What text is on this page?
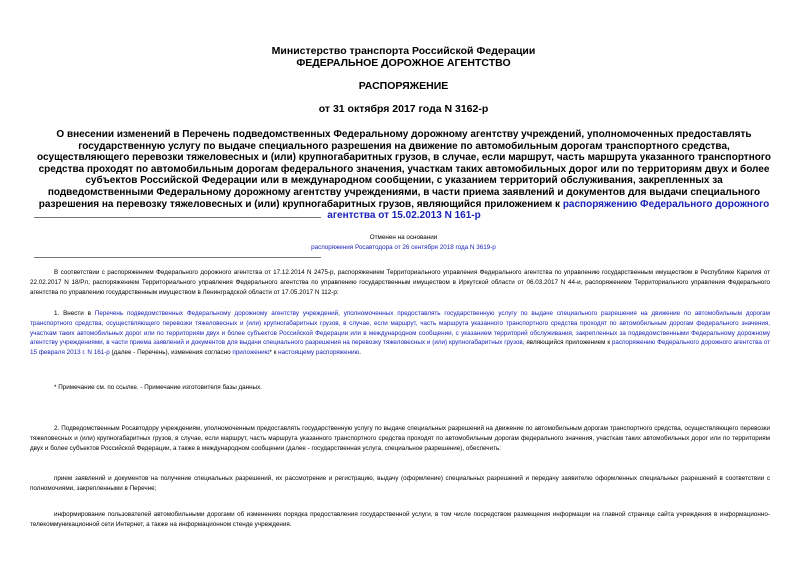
Министерство транспорта Российской Федерации
ФЕДЕРАЛЬНОЕ ДОРОЖНОЕ АГЕНТСТВО
РАСПОРЯЖЕНИЕ
от 31 октября 2017 года N 3162-р
О внесении изменений в Перечень подведомственных Федеральному дорожному агентству учреждений, уполномоченных предоставлять государственную услугу по выдаче специального разрешения на движение по автомобильным дорогам транспортного средства, осуществляющего перевозки тяжеловесных и (или) крупногабаритных грузов, в случае, если маршрут, часть маршрута указанного транспортного средства проходят по автомобильным дорогам федерального значения, участкам таких автомобильных дорог или по территориям двух и более субъектов Российской Федерации или в международном сообщении, с указанием территорий обслуживания, закрепленных за подведомственными Федеральному дорожному агентству учреждениями, в части приема заявлений и документов для выдачи специального разрешения на перевозку тяжеловесных и (или) крупногабаритных грузов, являющийся приложением к распоряжению Федерального дорожного агентства от 15.02.2013 N 161-р
Отменен на основании
распоряжения Росавтодора от 26 сентября 2018 года N 3619-р
В соответствии с распоряжением Федерального дорожного агентства от 17.12.2014 N 2475-р, распоряжением Территориального управления Федерального агентства по управлению государственным имуществом в Республике Карелия от 22.02.2017 N 18/Рл, распоряжением Территориального управления Федерального агентства по управлению государственным имуществом в Иркутской области от 06.03.2017 N 44-и, распоряжением Территориального управления Федерального агентства по управлению государственным имуществом в Ленинградской области от 17.05.2017 N 112-р:
1. Внести в Перечень подведомственных Федеральному дорожному агентству учреждений, уполномоченных предоставлять государственную услугу по выдаче специального разрешения на движение по автомобильным дорогам транспортного средства, осуществляющего перевозки тяжеловесных и (или) крупногабаритных грузов, в случае, если маршрут, часть маршрута указанного транспортного средства проходят по автомобильным дорогам федерального значения, участкам таких автомобильных дорог или по территориям двух и более субъектов Российской Федерации или в международном сообщении, с указанием территорий обслуживания, закрепленных за подведомственными Федеральному дорожному агентству учреждениями, в части приема заявлений и документов для выдачи специального разрешения на перевозку тяжеловесных и (или) крупногабаритных грузов, являющийся приложением к распоряжению Федерального дорожного агентства от 15 февраля 2013 г. N 161-р (далее - Перечень), изменения согласно приложению* к настоящему распоряжению.
* Примечание см. по ссылке. - Примечание изготовителя базы данных.
2. Подведомственным Росавтодору учреждениям, уполномоченным предоставлять государственную услугу по выдаче специальных разрешений на движение по автомобильным дорогам транспортного средства, осуществляющего перевозки тяжеловесных и (или) крупногабаритных грузов, в случае, если маршрут, часть маршрута указанного транспортного средства проходят по автомобильным дорогам федерального значения, участкам таких автомобильных дорог или по территориям двух и более субъектов Российской Федерации, а также в международном сообщении (далее - государственная услуга, специальное разрешение), обеспечить:
прием заявлений и документов на получение специальных разрешений, их рассмотрение и регистрацию, выдачу (оформление) специальных разрешений и передачу заявителю оформленных специальных разрешений в соответствии с полномочиями, закрепленными в Перечне;
информирование пользователей автомобильными дорогами об изменениях порядка предоставления государственной услуги, в том числе посредством размещения информации на главной странице сайта учреждения в информационно-телекоммуникационной сети Интернет, а также на информационном стенде учреждения.
